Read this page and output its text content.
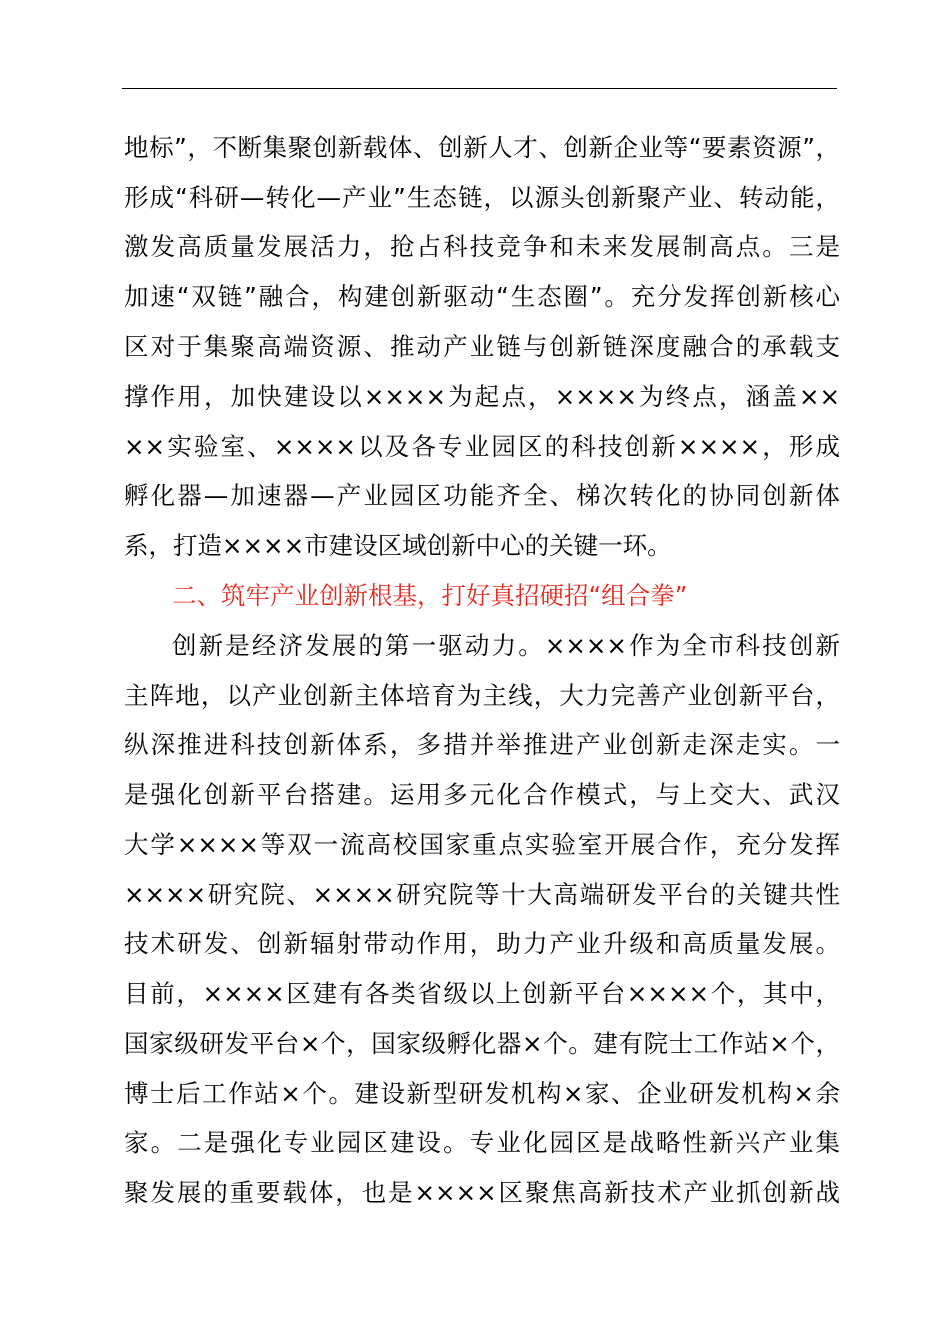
地标”，不断集聚创新载体、创新人才、创新企业等“要素资源”，
形成“科研—转化—产业”生态链，以源头创新聚产业、转动能，
激发高质量发展活力，抢占科技竞争和未来发展制高点。三是
加速“双链”融合，构建创新驱动“生态圈”。充分发挥创新核心
区对于集聚高端资源、推动产业链与创新链深度融合的承载支
撑作用，加快建设以××××为起点，××××为终点，涵盖××
××实验室、××××以及各专业园区的科技创新××××，形成
孵化器—加速器—产业园区功能齐全、梯次转化的协同创新体
系，打造××××市建设区域创新中心的关键一环。
二、筑牢产业创新根基，打好真招硬招“组合拳”
创新是经济发展的第一驱动力。××××作为全市科技创新
主阵地，以产业创新主体培育为主线，大力完善产业创新平台，
纵深推进科技创新体系，多措并举推进产业创新走深走实。一
是强化创新平台搭建。运用多元化合作模式，与上交大、武汉
大学××××等双一流高校国家重点实验室开展合作，充分发挥
××××研究院、××××研究院等十大高端研发平台的关键共性
技术研发、创新辐射带动作用，助力产业升级和高质量发展。
目前，××××区建有各类省级以上创新平台××××个，其中，
国家级研发平台×个，国家级孵化器×个。建有院士工作站×个，
博士后工作站×个。建设新型研发机构×家、企业研发机构×余
家。二是强化专业园区建设。专业化园区是战略性新兴产业集
聚发展的重要载体，也是××××区聚焦高新技术产业抓创新战
